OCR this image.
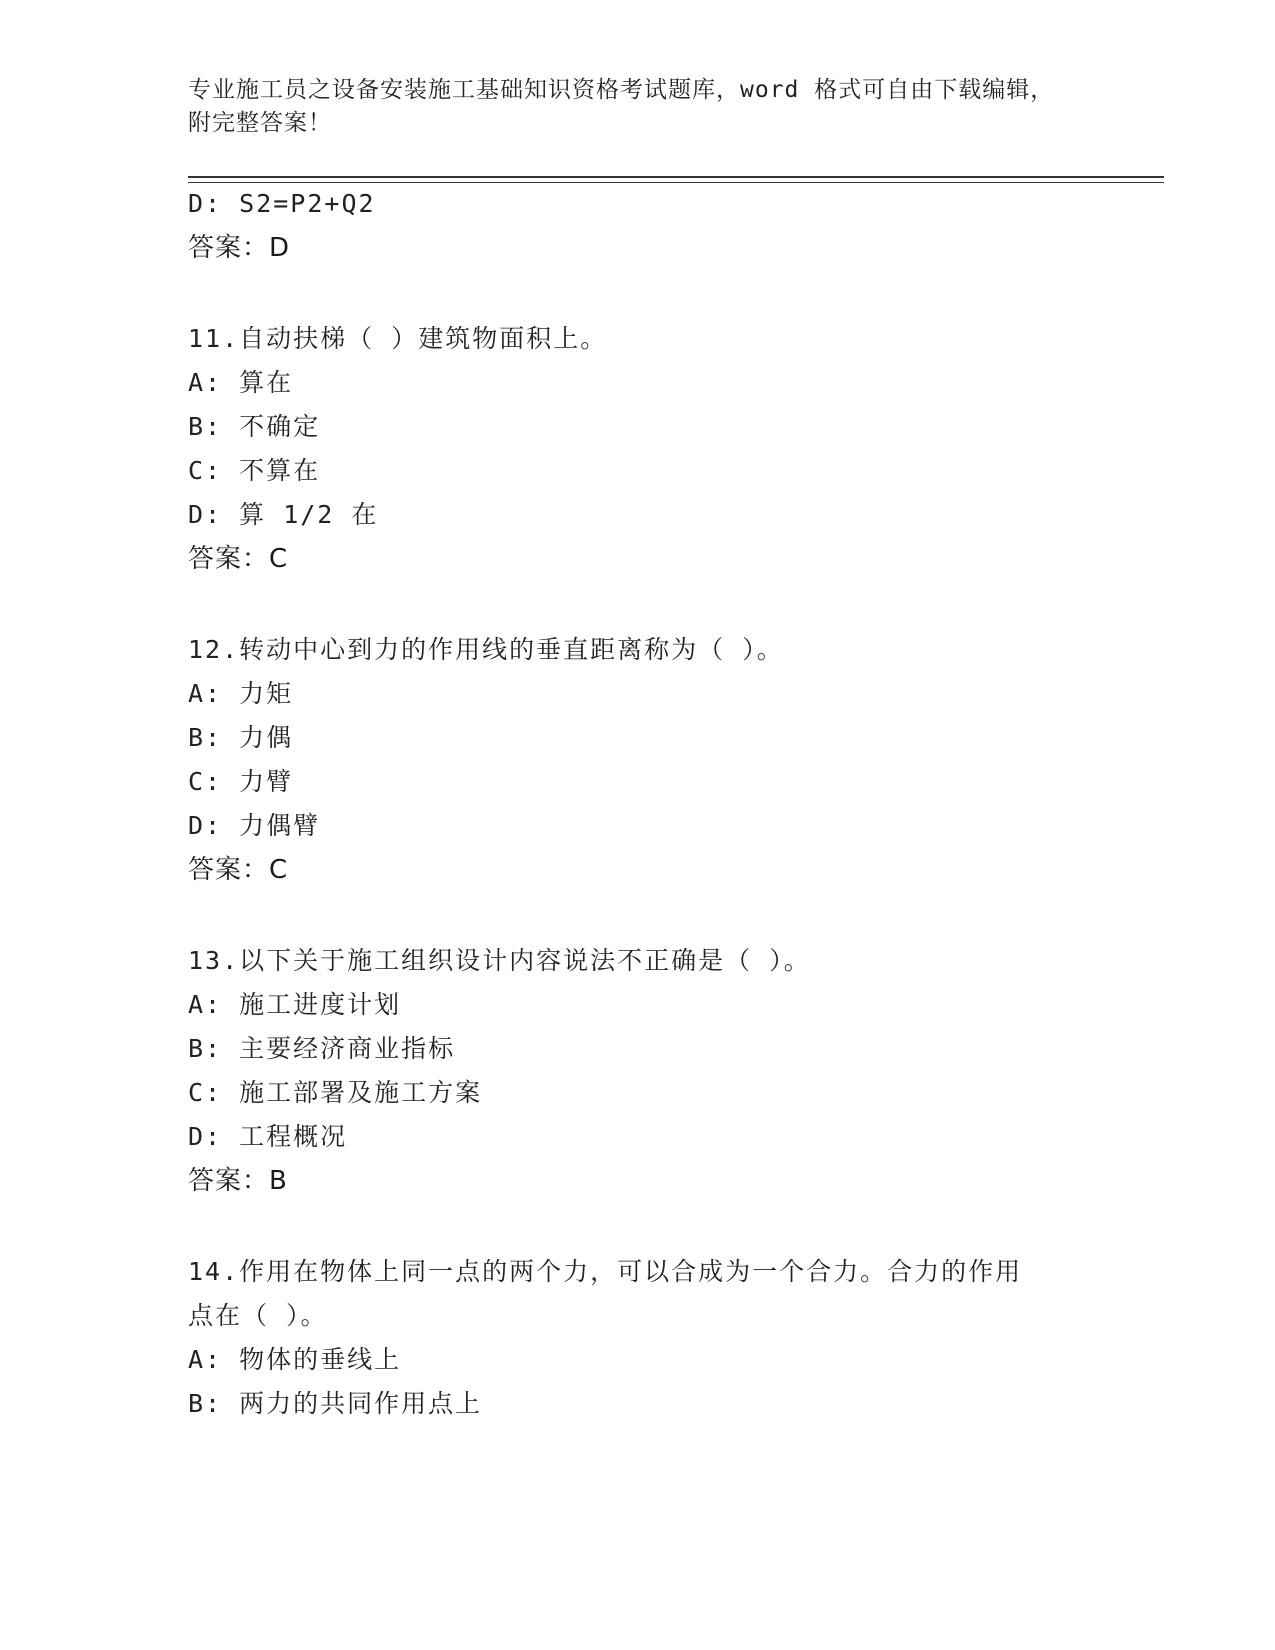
专业施工员之设备安装施工基础知识资格考试题库，word 格式可自由下载编辑，
附完整答案！
D: S2=P2+Q2
答案：D
11.自动扶梯（ ）建筑物面积上。
A: 算在
B: 不确定
C: 不算在
D: 算 1/2 在
答案：C
12.转动中心到力的作用线的垂直距离称为（ ）。
A: 力矩
B: 力偶
C: 力臂
D: 力偶臂
答案：C
13.以下关于施工组织设计内容说法不正确是（ ）。
A: 施工进度计划
B: 主要经济商业指标
C: 施工部署及施工方案
D: 工程概况
答案：B
14.作用在物体上同一点的两个力，可以合成为一个合力。合力的作用
点在（ ）。
A: 物体的垂线上
B: 两力的共同作用点上
